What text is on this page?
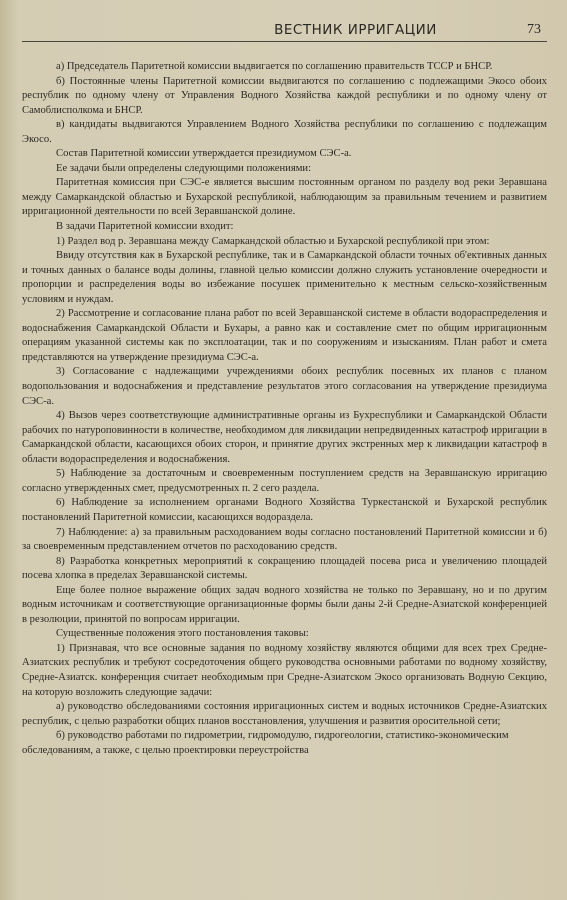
ВЕСТНИК ИРРИГАЦИИ	73

а) Председатель Паритетной комиссии выдвигается по соглашению правительств ТССР и БНСР.

б) Постоянные члены Паритетной комиссии выдвигаются по соглашению с подлежащими Экосо обоих республик по одному члену от Управления Водного Хозяйства каждой республики и по одному члену от Самоблисполкома и БНСР.

в) кандидаты выдвигаются Управлением Водного Хозяйства республики по соглашению с подлежащим Экосо.

Состав Паритетной комиссии утверждается президиумом СЭС-а.

Ее задачи были определены следующими положениями:

Паритетная комиссия при СЭС-е является высшим постоянным органом по разделу вод реки Зеравшана между Самаркандской областью и Бухарской республикой, наблюдающим за правильным течением и развитием ирригационной деятельности по всей Зеравшанской долине.

В задачи Паритетной комиссии входит:

1) Раздел вод р. Зеравшана между Самаркандской областью и Бухарской республикой при этом:

Ввиду отсутствия как в Бухарской республике, так и в Самаркандской области точных об'ективных данных и точных данных о балансе воды долины, главной целью комиссии должно служить установление очередности и пропорции и распределения воды во избежание посушек применительно к местным сельско-хозяйственным условиям и нуждам.

2) Рассмотрение и согласование плана работ по всей Зеравшанской системе в области водораспределения и водоснабжения Самаркандской Области и Бухары, а равно как и составление смет по общим ирригационным операциям указанной системы как по эксплоатации, так и по сооружениям и изысканиям. План работ и смета представляются на утверждение президиума СЭС-а.

3) Согласование с надлежащими учреждениями обоих республик посевных их планов с планом водопользования и водоснабжения и представление результатов этого согласования на утверждение президиума СЭС-а.

4) Вызов через соответствующие административные органы из Бухреспублики и Самаркандской Области рабочих по натуроповинности в количестве, необходимом для ликвидации непредвиденных катастроф ирригации в Самаркандской области, касающихся обоих сторон, и принятие других экстренных мер к ликвидации катастроф в области водораспределения и водоснабжения.

5) Наблюдение за достаточным и своевременным поступлением средств на Зеравшанскую ирригацию согласно утвержденных смет, предусмотренных п. 2 сего раздела.

6) Наблюдение за исполнением органами Водного Хозяйства Туркестанской и Бухарской республик постановлений Паритетной комиссии, касающихся водораздела.

7) Наблюдение: а) за правильным расходованием воды согласно постановлений Паритетной комиссии и б) за своевременным представлением отчетов по расходованию средств.

8) Разработка конкретных мероприятий к сокращению площадей посева риса и увеличению площадей посева хлопка в пределах Зеравшанской системы.

Еще более полное выражение общих задач водного хозяйства не только по Зеравшану, но и по другим водным источникам и соответствующие организационные формы были даны 2-й Средне-Азиатской конференцией в резолюции, принятой по вопросам ирригации.

Существенные положения этого постановления таковы:

1) Признавая, что все основные задания по водному хозяйству являются общими для всех трех Средне-Азиатских республик и требуют сосредоточения общего руководства основными работами по водному хозяйству, Средне-Азиатск. конференция считает необходимым при Средне-Азиатском Экосо организовать Водную Секцию, на которую возложить следующие задачи:

а) руководство обследованиями состояния ирригационных систем и водных источников Средне-Азиатских республик, с целью разработки общих планов восстановления, улучшения и развития оросительной сети;

б) руководство работами по гидрометрии, гидромодулю, гидрогеологии, статистико-экономическим обследованиям, а также, с целью проектировки переустройства
